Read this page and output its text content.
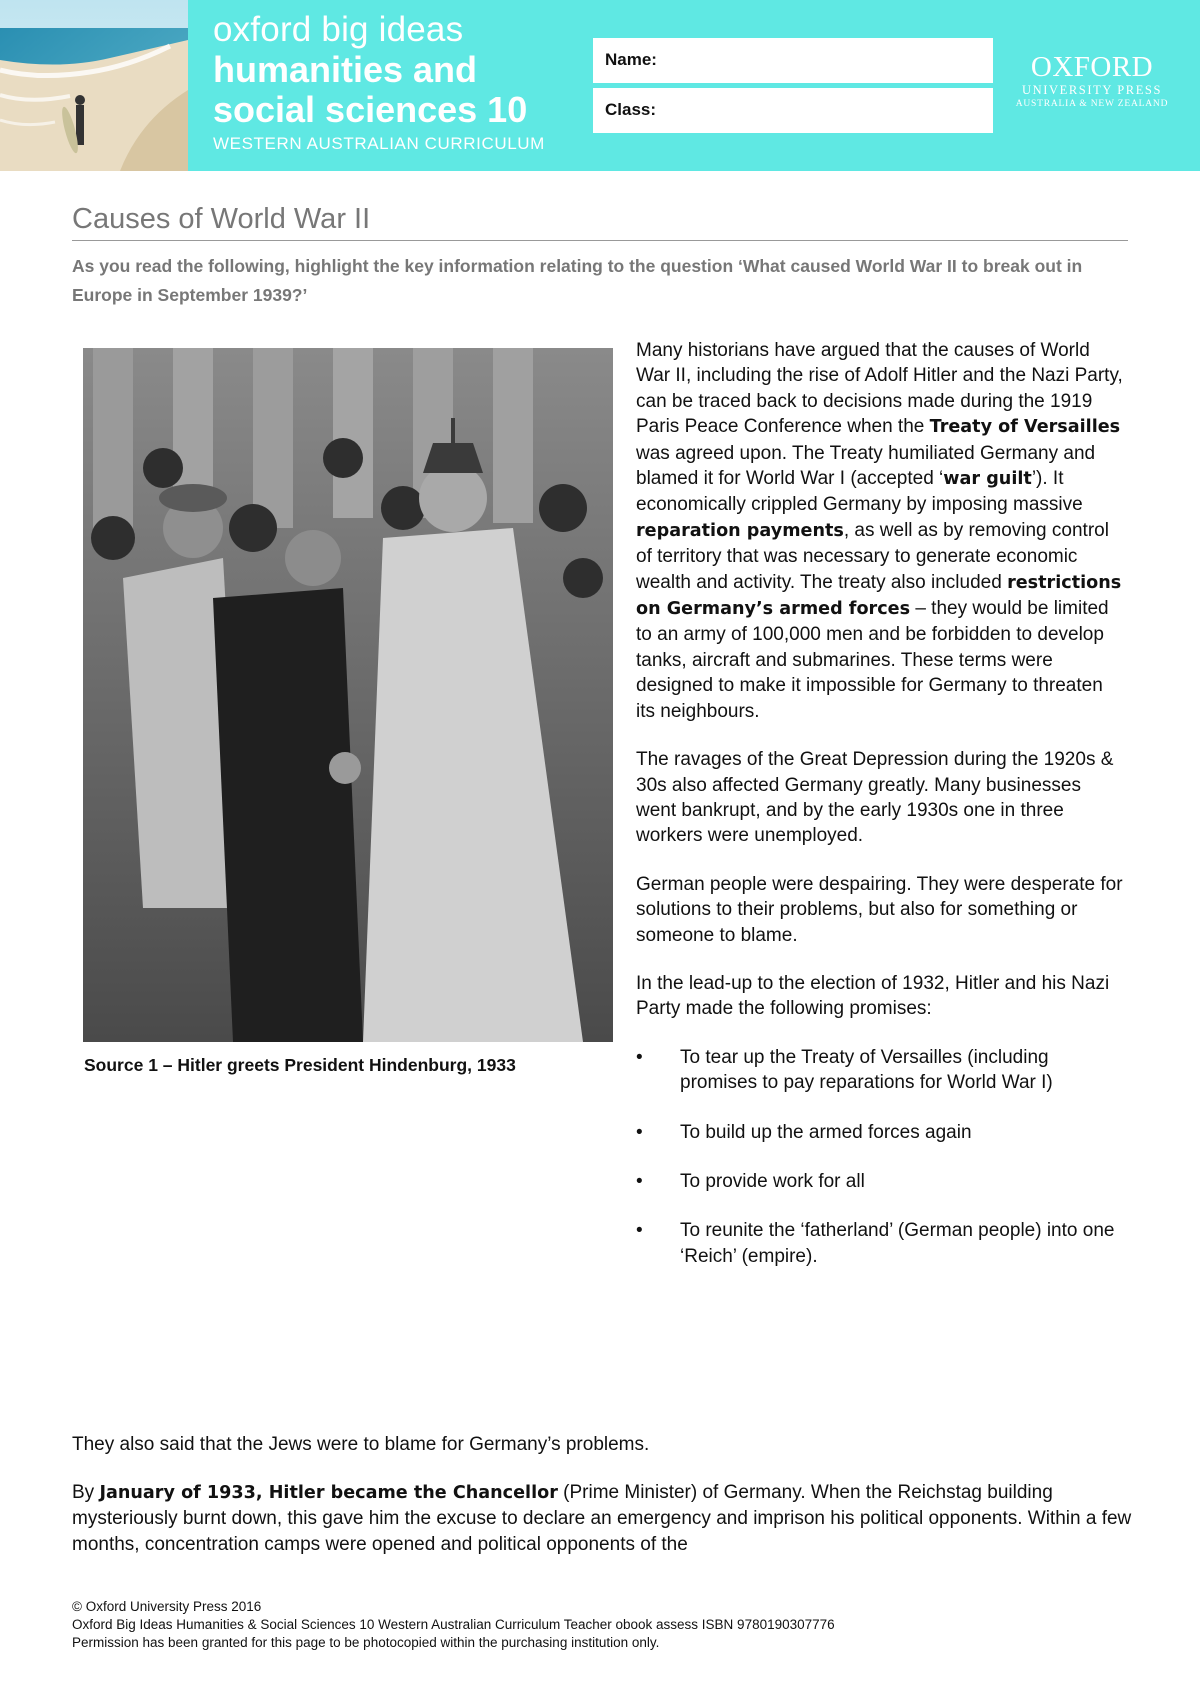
oxford big ideas
humanities and
social sciences 10
WESTERN AUSTRALIAN CURRICULUM
Name:
Class:
OXFORD
UNIVERSITY PRESS
AUSTRALIA & NEW ZEALAND
Causes of World War II
As you read the following, highlight the key information relating to the question ‘What caused World War II to break out in Europe in September 1939?’
Source 1 – Hitler greets President Hindenburg, 1933

Many historians have argued that the causes of World War II, including the rise of Adolf Hitler and the Nazi Party, can be traced back to decisions made during the 1919 Paris Peace Conference when the Treaty of Versailles was agreed upon. The Treaty humiliated Germany and blamed it for World War I (accepted ‘war guilt’). It economically crippled Germany by imposing massive reparation payments, as well as by removing control of territory that was necessary to generate economic wealth and activity. The treaty also included restrictions on Germany’s armed forces – they would be limited to an army of 100,000 men and be forbidden to develop tanks, aircraft and submarines. These terms were designed to make it impossible for Germany to threaten its neighbours.

The ravages of the Great Depression during the 1920s & 30s also affected Germany greatly. Many businesses went bankrupt, and by the early 1930s one in three workers were unemployed.

German people were despairing. They were desperate for solutions to their problems, but also for something or someone to blame.

In the lead-up to the election of 1932, Hitler and his Nazi Party made the following promises:

• To tear up the Treaty of Versailles (including promises to pay reparations for World War I)
• To build up the armed forces again
• To provide work for all
• To reunite the ‘fatherland’ (German people) into one ‘Reich’ (empire).

They also said that the Jews were to blame for Germany’s problems.

By January of 1933, Hitler became the Chancellor (Prime Minister) of Germany. When the Reichstag building mysteriously burnt down, this gave him the excuse to declare an emergency and imprison his political opponents. Within a few months, concentration camps were opened and political opponents of the

© Oxford University Press 2016
Oxford Big Ideas Humanities & Social Sciences 10 Western Australian Curriculum Teacher obook assess ISBN 9780190307776
Permission has been granted for this page to be photocopied within the purchasing institution only.
